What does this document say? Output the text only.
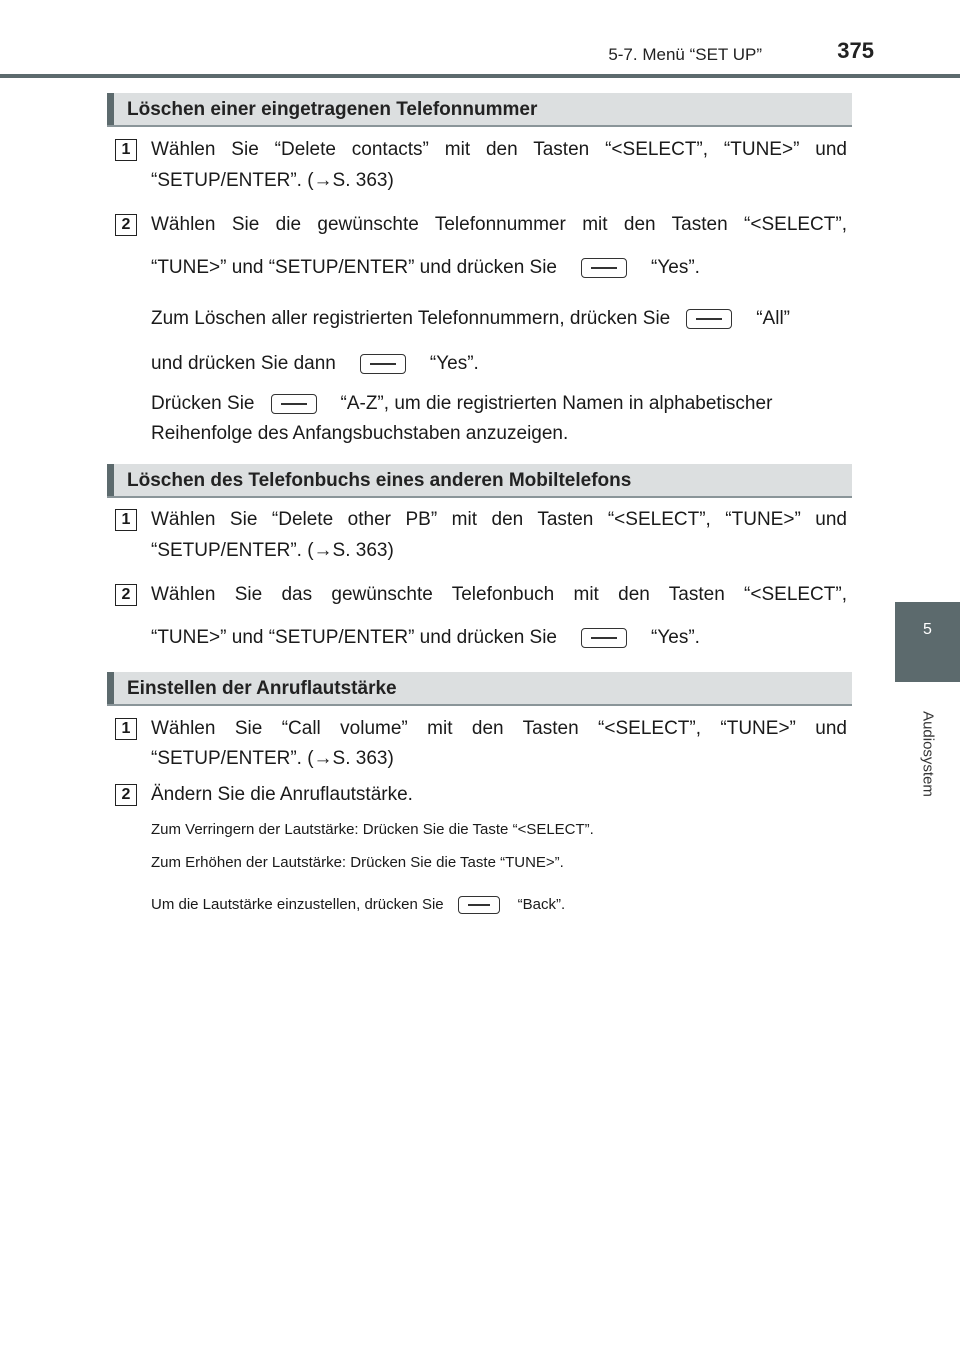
5-7. Menü “SET UP”	375
5
Audiosystem
Löschen einer eingetragenen Telefonnummer
1	Wählen Sie “Delete contacts” mit den Tasten “<SELECT”, “TUNE>” und
“SETUP/ENTER”. (→S. 363)
2	Wählen Sie die gewünschte Telefonnummer mit den Tasten “<SELECT”,
“TUNE>” und “SETUP/ENTER” und drücken Sie	“Yes”.
Zum Löschen aller registrierten Telefonnummern, drücken Sie	“All”
und drücken Sie dann	“Yes”.
Drücken Sie	“A-Z”, um die registrierten Namen in alphabetischer
Reihenfolge des Anfangsbuchstaben anzuzeigen.
Löschen des Telefonbuchs eines anderen Mobiltelefons
1	Wählen Sie “Delete other PB” mit den Tasten “<SELECT”, “TUNE>” und
“SETUP/ENTER”. (→S. 363)
2	Wählen Sie das gewünschte Telefonbuch mit den Tasten “<SELECT”,
“TUNE>” und “SETUP/ENTER” und drücken Sie	“Yes”.
Einstellen der Anruflautstärke
1	Wählen Sie “Call volume” mit den Tasten “<SELECT”, “TUNE>” und
“SETUP/ENTER”. (→S. 363)
2	Ändern Sie die Anruflautstärke.
Zum Verringern der Lautstärke: Drücken Sie die Taste “<SELECT”.
Zum Erhöhen der Lautstärke: Drücken Sie die Taste “TUNE>”.
Um die Lautstärke einzustellen, drücken Sie	“Back”.
